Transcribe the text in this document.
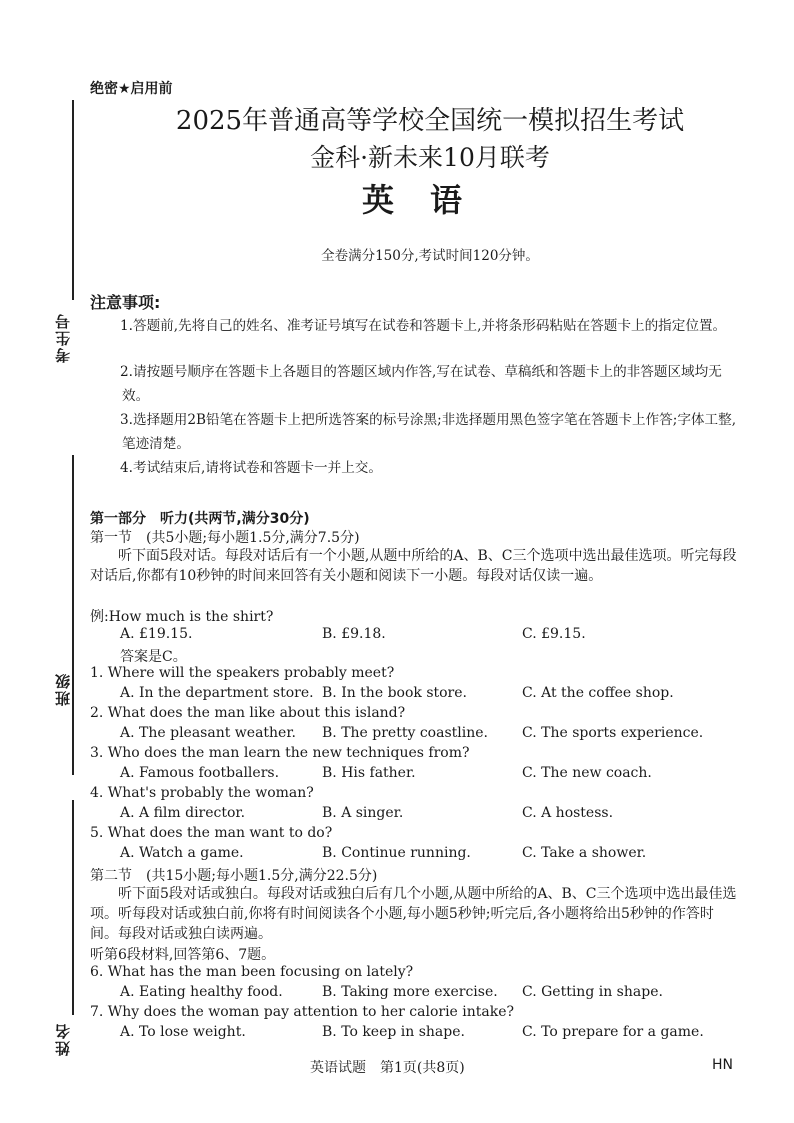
考生号
班级
姓名
绝密★启用前
2025年普通高等学校全国统一模拟招生考试
金科·新未来10月联考
英语
全卷满分150分,考试时间120分钟。
注意事项:
1.答题前,先将自己的姓名、准考证号填写在试卷和答题卡上,并将条形码粘贴在答题卡上的指定位置。
2.请按题号顺序在答题卡上各题目的答题区域内作答,写在试卷、草稿纸和答题卡上的非答题区域均无效。
3.选择题用2B铅笔在答题卡上把所选答案的标号涂黑;非选择题用黑色签字笔在答题卡上作答;字体工整,笔迹清楚。
4.考试结束后,请将试卷和答题卡一并上交。
第一部分　听力(共两节,满分30分)
第一节　(共5小题;每小题1.5分,满分7.5分)
听下面5段对话。每段对话后有一个小题,从题中所给的A、B、C三个选项中选出最佳选项。听完每段对话后,你都有10秒钟的时间来回答有关小题和阅读下一小题。每段对话仅读一遍。
例:How much is the shirt?
A. £19.15.	B. £9.18.	C. £9.15.
答案是C。
1. Where will the speakers probably meet?
A. In the department store. B. In the book store.	C. At the coffee shop.
2. What does the man like about this island?
A. The pleasant weather. B. The pretty coastline. C. The sports experience.
3. Who does the man learn the new techniques from?
A. Famous footballers.	B. His father.	C. The new coach.
4. What's probably the woman?
A. A film director.	B. A singer.	C. A hostess.
5. What does the man want to do?
A. Watch a game.	B. Continue running.	C. Take a shower.
第二节　(共15小题;每小题1.5分,满分22.5分)
听下面5段对话或独白。每段对话或独白后有几个小题,从题中所给的A、B、C三个选项中选出最佳选项。听每段对话或独白前,你将有时间阅读各个小题,每小题5秒钟;听完后,各小题将给出5秒钟的作答时间。每段对话或独白读两遍。
听第6段材料,回答第6、7题。
6. What has the man been focusing on lately?
A. Eating healthy food.	B. Taking more exercise. C. Getting in shape.
7. Why does the woman pay attention to her calorie intake?
A. To lose weight.	B. To keep in shape.	C. To prepare for a game.
英语试题　第1页(共8页)	HN
